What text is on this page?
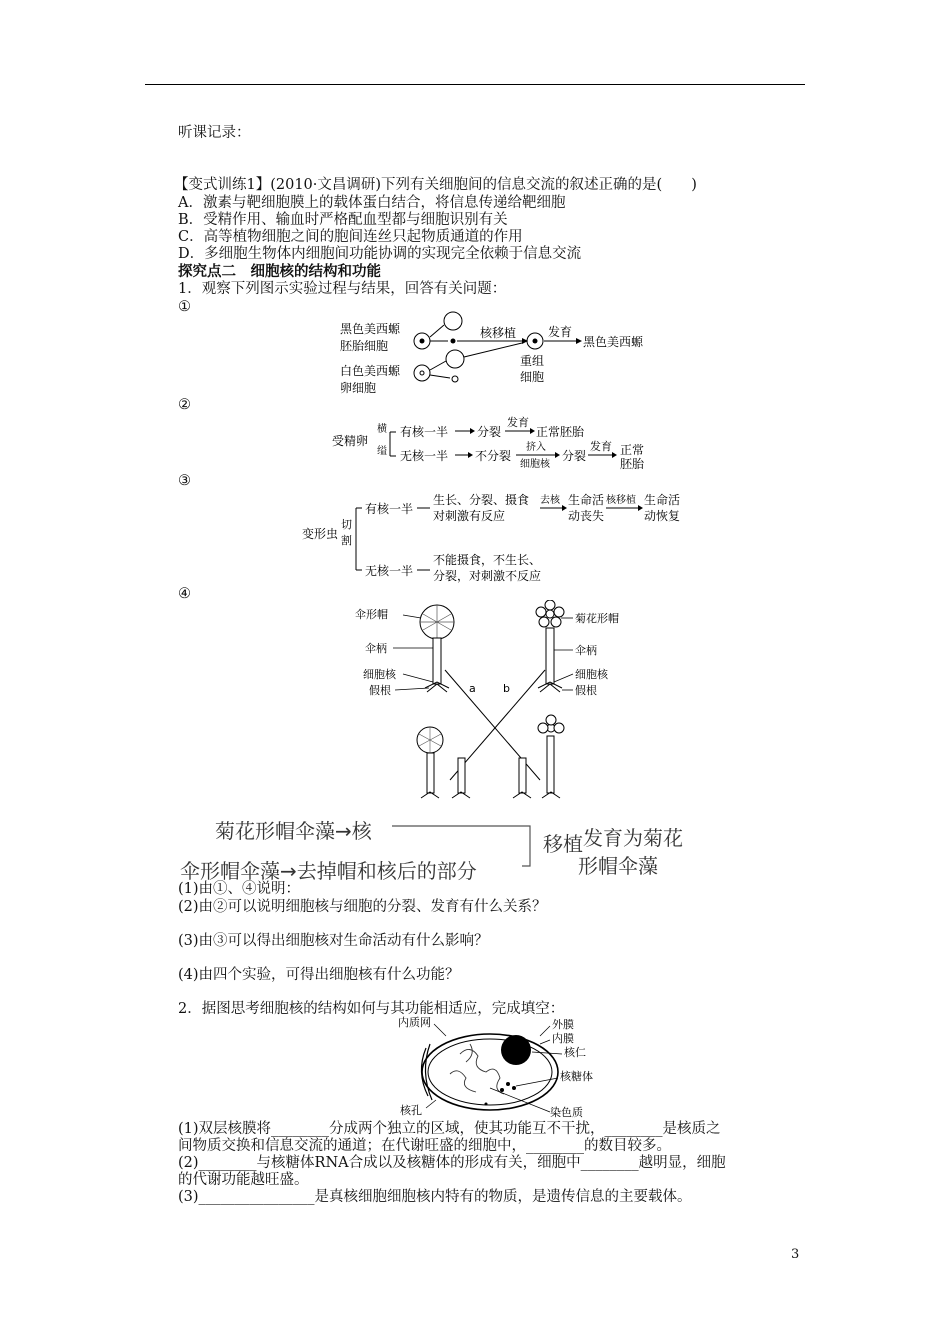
听课记录：
【变式训练1】(2010·文昌调研)下列有关细胞间的信息交流的叙述正确的是(　　)
A．激素与靶细胞膜上的载体蛋白结合，将信息传递给靶细胞
B．受精作用、输血时严格配血型都与细胞识别有关
C．高等植物细胞之间的胞间连丝只起物质通道的作用
D．多细胞生物体内细胞间功能协调的实现完全依赖于信息交流
探究点二　细胞核的结构和功能
1．观察下列图示实验过程与结果，回答有关问题：
①
黑色美西螈
胚胎细胞
白色美西螈
卵细胞
核移植
重组
细胞
发育
黑色美西螈
②
受精卵
横
缢
有核一半 分裂
发育
正常胚胎
无核一半 不分裂
挤入
细胞核
分裂
发育 正常
胚胎
③
变形虫
切
割
有核一半
生长、分裂、摄食
对刺激有反应
去核 生命活
动丧失
核移植 生命活
动恢复
无核一半
不能摄食，不生长、
分裂，对刺激不反应
④
伞形帽
伞柄
细胞核
假根
菊花形帽
伞柄
细胞核
假根
a b
菊花形帽伞藻→核
伞形帽伞藻→去掉帽和核后的部分
移植 发育为菊花
形帽伞藻
(1)由①、④说明：
(2)由②可以说明细胞核与细胞的分裂、发育有什么关系？
(3)由③可以得出细胞核对生命活动有什么影响？
(4)由四个实验，可得出细胞核有什么功能？
2．据图思考细胞核的结构如何与其功能相适应，完成填空：
内质网	外膜
内膜
核仁
核糖体
核孔	染色质
(1)双层核膜将________分成两个独立的区域，使其功能互不干扰，________是核质之
间物质交换和信息交流的通道；在代谢旺盛的细胞中，________的数目较多。
(2)________与核糖体RNA合成以及核糖体的形成有关，细胞中________越明显，细胞
的代谢功能越旺盛。
(3)________________是真核细胞细胞核内特有的物质，是遗传信息的主要载体。
3
